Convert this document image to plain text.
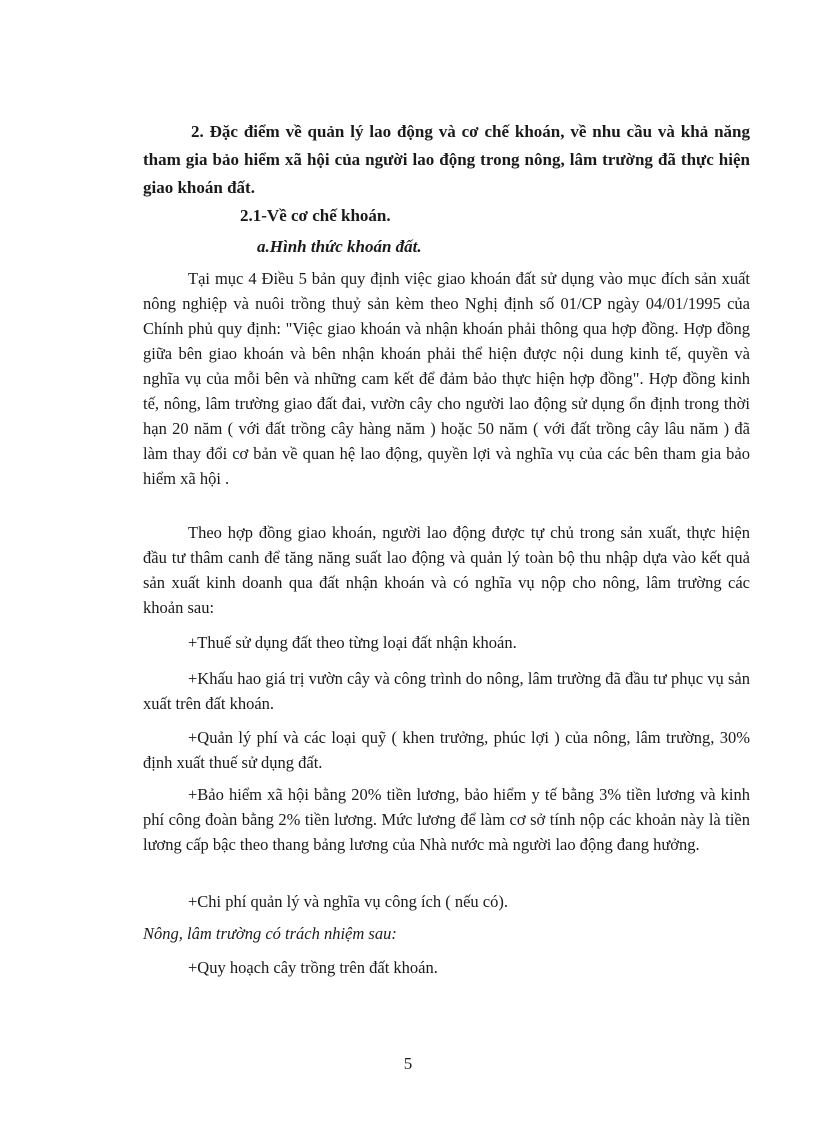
2. Đặc điểm về quản lý lao động và cơ chế khoán, về nhu cầu và khả năng tham gia bảo hiểm xã hội của người lao động trong nông, lâm trường đã thực hiện giao khoán đất.
2.1-Về cơ chế khoán.
a.Hình thức khoán đất.
Tại mục 4 Điều 5 bản quy định việc giao khoán đất sử dụng vào mục đích sản xuất nông nghiệp và nuôi trồng thuỷ sản kèm theo Nghị định số 01/CP ngày 04/01/1995 của Chính phủ quy định: "Việc giao khoán và nhận khoán phải thông qua hợp đồng. Hợp đồng giữa bên giao khoán và bên nhận khoán phải thể hiện được nội dung kinh tế, quyền và nghĩa vụ của mỗi bên và những cam kết để đảm bảo thực hiện hợp đồng". Hợp đồng kinh tế, nông, lâm trường giao đất đai, vườn cây cho người lao động sử dụng ổn định trong thời hạn 20 năm ( với đất trồng cây hàng năm ) hoặc 50 năm ( với đất trồng cây lâu năm ) đã làm thay đổi cơ bản về quan hệ lao động, quyền lợi và nghĩa vụ của các bên tham gia bảo hiểm xã hội .
Theo hợp đồng giao khoán, người lao động được tự chủ trong sản xuất, thực hiện đầu tư thâm canh để tăng năng suất lao động và quản lý toàn bộ thu nhập dựa vào kết quả sản xuất kinh doanh qua đất nhận khoán và có nghĩa vụ nộp cho nông, lâm trường các khoản sau:
+Thuế sử dụng đất theo từng loại đất nhận khoán.
+Khấu hao giá trị vườn cây và công trình do nông, lâm trường đã đầu tư phục vụ sản xuất trên đất khoán.
+Quản lý phí và các loại quỹ ( khen trưởng, phúc lợi ) của nông, lâm trường, 30% định xuất thuế sử dụng đất.
+Bảo hiểm xã hội bằng 20% tiền lương, bảo hiểm y tế bằng 3% tiền lương và kinh phí công đoàn bằng 2% tiền lương. Mức lương để làm cơ sở tính nộp các khoản này là tiền lương cấp bậc theo thang bảng lương của Nhà nước mà người lao động đang hưởng.
+Chi phí quản lý và nghĩa vụ công ích ( nếu có).
Nông, lâm trường có trách nhiệm sau:
+Quy hoạch cây trồng trên đất khoán.
5
